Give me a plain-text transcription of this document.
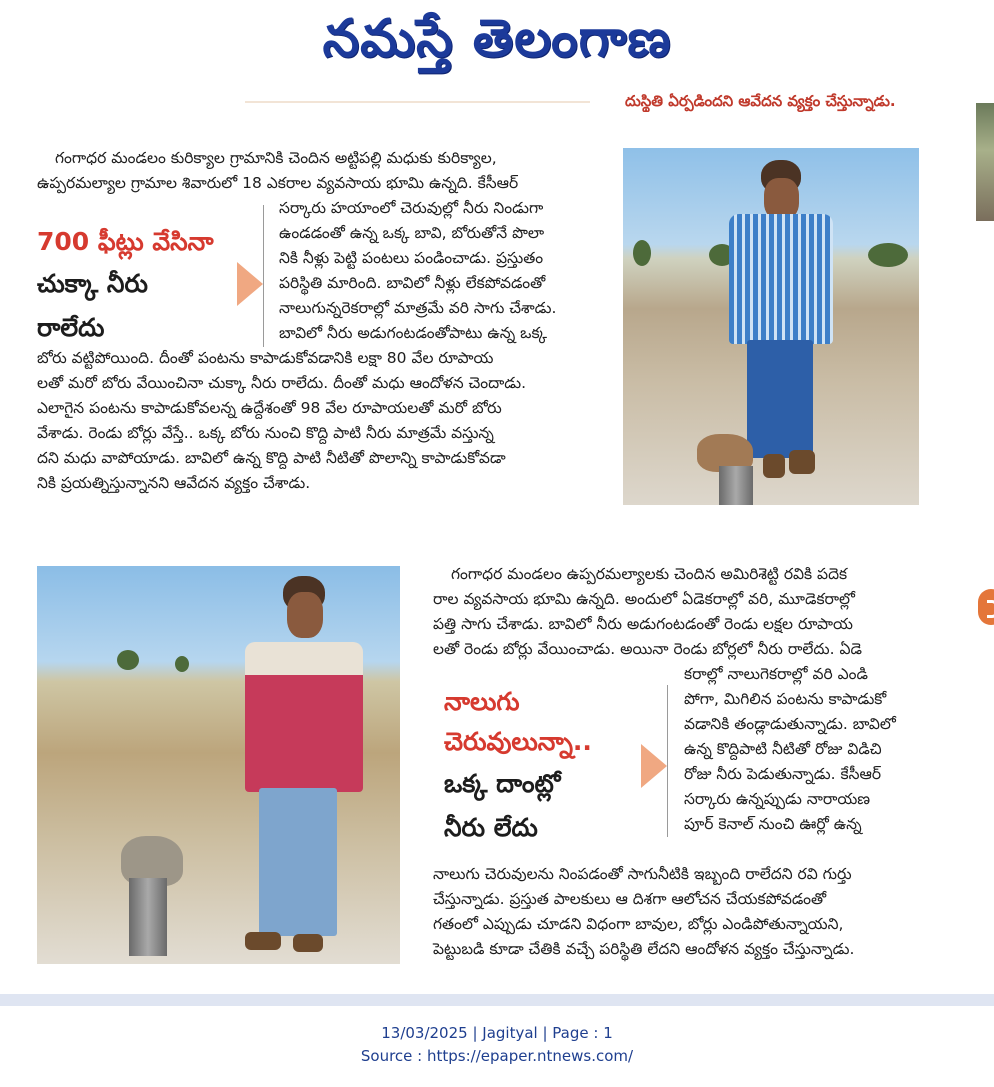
నమస్తే తెలంగాణ
దుస్థితి ఏర్పడిందని ఆవేదన వ్యక్తం చేస్తున్నాడు.
గంగాధర మండలం కురిక్యాల గ్రామానికి చెందిన అట్టిపల్లి మధుకు కురిక్యాల,
ఉప్పరమల్యాల గ్రామాల శివారులో 18 ఎకరాల వ్యవసాయ భూమి ఉన్నది. కేసీఆర్
700 ఫీట్లు వేసినా
చుక్కా నీరు
రాలేదు
సర్కారు హయాంలో చెరువుల్లో నీరు నిండుగా
ఉండడంతో ఉన్న ఒక్క బావి, బోరుతోనే పొలా
నికి నీళ్లు పెట్టి పంటలు పండించాడు. ప్రస్తుతం
పరిస్థితి మారింది. బావిలో నీళ్లు లేకపోవడంతో
నాలుగున్నరెకరాల్లో మాత్రమే వరి సాగు చేశాడు.
బావిలో నీరు అడుగంటడంతోపాటు ఉన్న ఒక్క
బోరు వట్టిపోయింది. దీంతో పంటను కాపాడుకోవడానికి లక్షా 80 వేల రూపాయ
లతో మరో బోరు వేయించినా చుక్కా నీరు రాలేదు. దీంతో మధు ఆందోళన చెందాడు.
ఎలాగైన పంటను కాపాడుకోవలన్న ఉద్దేశంతో 98 వేల రూపాయలతో మరో బోరు
వేశాడు. రెండు బోర్లు వేస్తే.. ఒక్క బోరు నుంచి కొద్ది పాటి నీరు మాత్రమే వస్తున్న
దని మధు వాపోయాడు. బావిలో ఉన్న కొద్ది పాటి నీటితో పొలాన్ని కాపాడుకోవడా
నికి ప్రయత్నిస్తున్నానని ఆవేదన వ్యక్తం చేశాడు.
గంగాధర మండలం ఉప్పరమల్యాలకు చెందిన అమిరిశెట్టి రవికి పదెక
రాల వ్యవసాయ భూమి ఉన్నది. అందులో ఏడెకరాల్లో వరి, మూడెకరాల్లో
పత్తి సాగు చేశాడు. బావిలో నీరు అడుగంటడంతో రెండు లక్షల రూపాయ
లతో రెండు బోర్లు వేయించాడు. అయినా రెండు బోర్లలో నీరు రాలేదు. ఏడె
నాలుగు
చెరువులున్నా..
ఒక్క దాంట్లో
నీరు లేదు
కరాల్లో నాలుగెకరాల్లో వరి ఎండి
పోగా, మిగిలిన పంటను కాపాడుకో
వడానికి తండ్లాడుతున్నాడు. బావిలో
ఉన్న కొద్దిపాటి నీటితో రోజు విడిచి
రోజు నీరు పెడుతున్నాడు. కేసీఆర్
సర్కారు ఉన్నప్పుడు నారాయణ
పూర్ కెనాల్ నుంచి ఊర్లో ఉన్న
నాలుగు చెరువులను నింపడంతో సాగునీటికి ఇబ్బంది రాలేదని రవి గుర్తు
చేస్తున్నాడు. ప్రస్తుత పాలకులు ఆ దిశగా ఆలోచన చేయకపోవడంతో
గతంలో ఎప్పుడు చూడని విధంగా బావుల, బోర్లు ఎండిపోతున్నాయని,
పెట్టుబడి కూడా చేతికి వచ్చే పరిస్థితి లేదని ఆందోళన వ్యక్తం చేస్తున్నాడు.
13/03/2025 | Jagityal | Page : 1
Source : https://epaper.ntnews.com/
